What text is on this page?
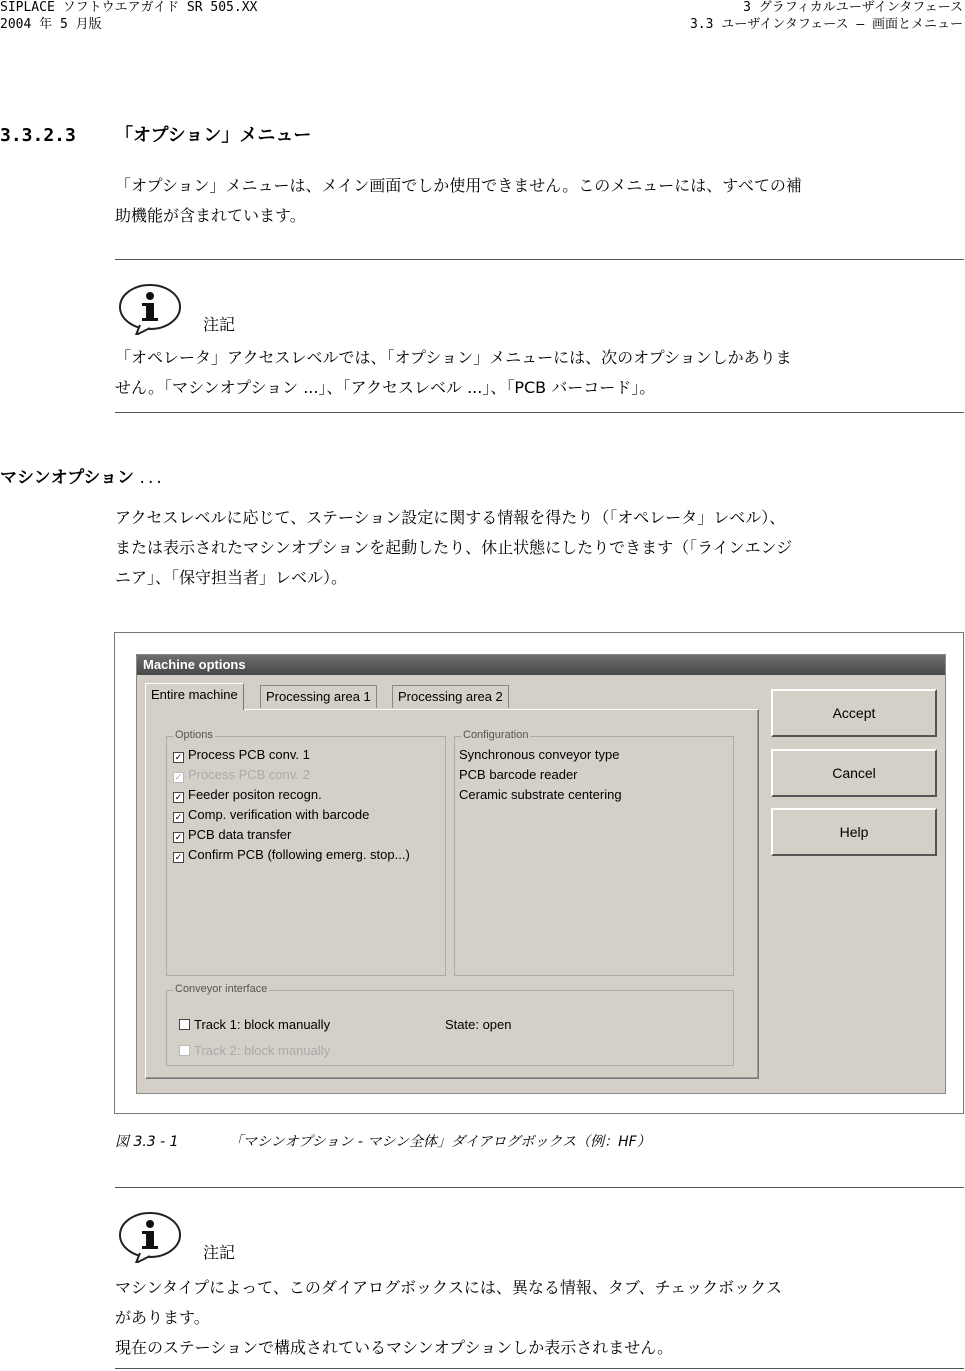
SIPLACE ソフトウエアガイド SR 505.XX
2004 年 5 月版
3 グラフィカルユーザインタフェース
3.3 ユーザインタフェース – 画面とメニュー
3.3.2.3 「オプション」メニュー
「オプション」メニューは、メイン画面でしか使用できません。このメニューには、すべての補
助機能が含まれています。
注記
「オペレータ」アクセスレベルでは、「オプション」メニューには、次のオプションしかありま
せん。「マシンオプション ...」、「アクセスレベル ...」、「PCB バーコード」。
マシンオプション ...
アクセスレベルに応じて、ステーション設定に関する情報を得たり（「オペレータ」レベル）、
または表示されたマシンオプションを起動したり、休止状態にしたりできます（「ラインエンジ
ニア」、「保守担当者」レベル）。
Machine options
Entire machine	Processing area 1	Processing area 2
Options
✓ Process PCB conv. 1
✓ Process PCB conv. 2
✓ Feeder positon recogn.
✓ Comp. verification with barcode
✓ PCB data transfer
✓ Confirm PCB (following emerg. stop...)
Configuration
Synchronous conveyor type
PCB barcode reader
Ceramic substrate centering
Conveyor interface
Track 1: block manually
Track 2: block manually
State: open
Accept
Cancel
Help
図 3.3 - 1	「マシンオプション - マシン全体」ダイアログボックス（例：HF）
注記
マシンタイプによって、このダイアログボックスには、異なる情報、タブ、チェックボックス
があります。
現在のステーションで構成されているマシンオプションしか表示されません。
